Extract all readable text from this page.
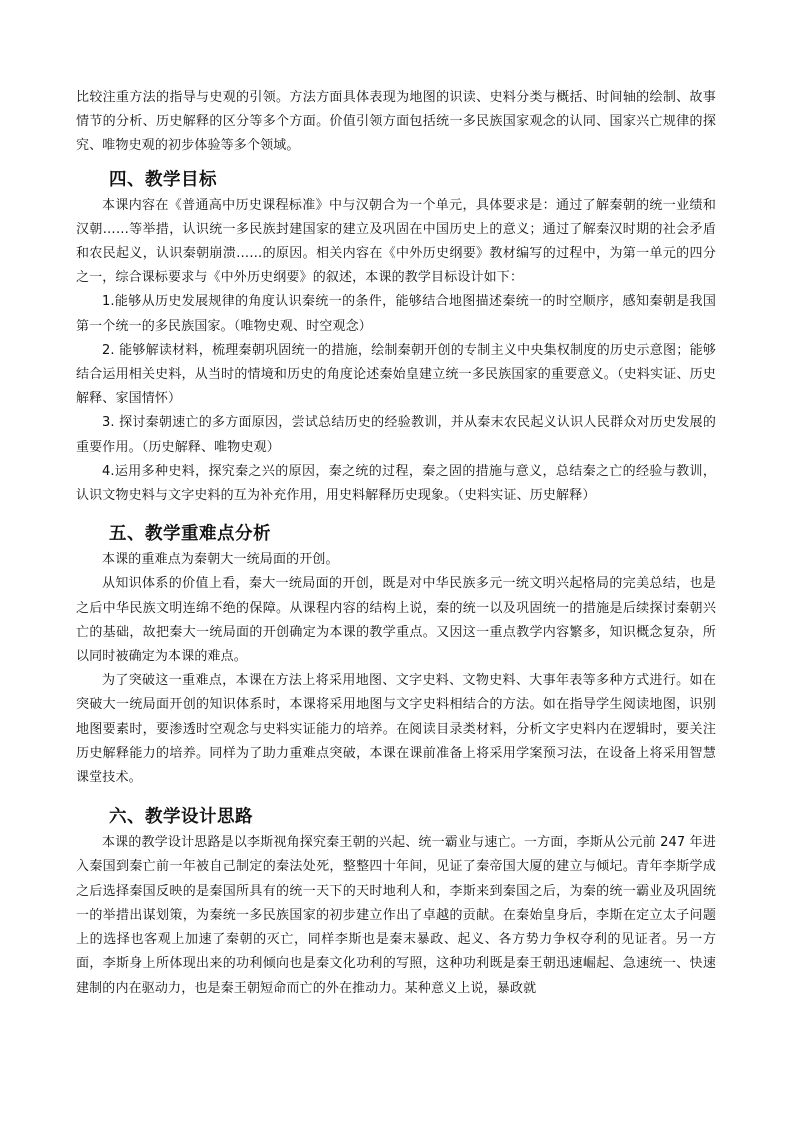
比较注重方法的指导与史观的引领。方法方面具体表现为地图的识读、史料分类与概括、时间轴的绘制、故事情节的分析、历史解释的区分等多个方面。价值引领方面包括统一多民族国家观念的认同、国家兴亡规律的探究、唯物史观的初步体验等多个领域。

四、教学目标

本课内容在《普通高中历史课程标准》中与汉朝合为一个单元，具体要求是：通过了解秦朝的统一业绩和汉朝……等举措，认识统一多民族封建国家的建立及巩固在中国历史上的意义；通过了解秦汉时期的社会矛盾和农民起义，认识秦朝崩溃……的原因。相关内容在《中外历史纲要》教材编写的过程中，为第一单元的四分之一，综合课标要求与《中外历史纲要》的叙述，本课的教学目标设计如下：

1.能够从历史发展规律的角度认识秦统一的条件，能够结合地图描述秦统一的时空顺序，感知秦朝是我国第一个统一的多民族国家。（唯物史观、时空观念）

2. 能够解读材料，梳理秦朝巩固统一的措施，绘制秦朝开创的专制主义中央集权制度的历史示意图；能够结合运用相关史料，从当时的情境和历史的角度论述秦始皇建立统一多民族国家的重要意义。（史料实证、历史解释、家国情怀）

3. 探讨秦朝速亡的多方面原因，尝试总结历史的经验教训，并从秦末农民起义认识人民群众对历史发展的重要作用。（历史解释、唯物史观）

4.运用多种史料，探究秦之兴的原因，秦之统的过程，秦之固的措施与意义，总结秦之亡的经验与教训，认识文物史料与文字史料的互为补充作用，用史料解释历史现象。（史料实证、历史解释）

五、教学重难点分析

本课的重难点为秦朝大一统局面的开创。

从知识体系的价值上看，秦大一统局面的开创，既是对中华民族多元一统文明兴起格局的完美总结，也是之后中华民族文明连绵不绝的保障。从课程内容的结构上说，秦的统一以及巩固统一的措施是后续探讨秦朝兴亡的基础，故把秦大一统局面的开创确定为本课的教学重点。又因这一重点教学内容繁多，知识概念复杂，所以同时被确定为本课的难点。

为了突破这一重难点，本课在方法上将采用地图、文字史料、文物史料、大事年表等多种方式进行。如在突破大一统局面开创的知识体系时，本课将采用地图与文字史料相结合的方法。如在指导学生阅读地图，识别地图要素时，要渗透时空观念与史料实证能力的培养。在阅读目录类材料，分析文字史料内在逻辑时，要关注历史解释能力的培养。同样为了助力重难点突破，本课在课前准备上将采用学案预习法，在设备上将采用智慧课堂技术。

六、教学设计思路

本课的教学设计思路是以李斯视角探究秦王朝的兴起、统一霸业与速亡。一方面，李斯从公元前 247 年进入秦国到秦亡前一年被自己制定的秦法处死，整整四十年间，见证了秦帝国大厦的建立与倾圮。青年李斯学成之后选择秦国反映的是秦国所具有的统一天下的天时地利人和，李斯来到秦国之后，为秦的统一霸业及巩固统一的举措出谋划策，为秦统一多民族国家的初步建立作出了卓越的贡献。在秦始皇身后，李斯在定立太子问题上的选择也客观上加速了秦朝的灭亡，同样李斯也是秦末暴政、起义、各方势力争权夺利的见证者。另一方面，李斯身上所体现出来的功利倾向也是秦文化功利的写照，这种功利既是秦王朝迅速崛起、急速统一、快速建制的内在驱动力，也是秦王朝短命而亡的外在推动力。某种意义上说，暴政就
